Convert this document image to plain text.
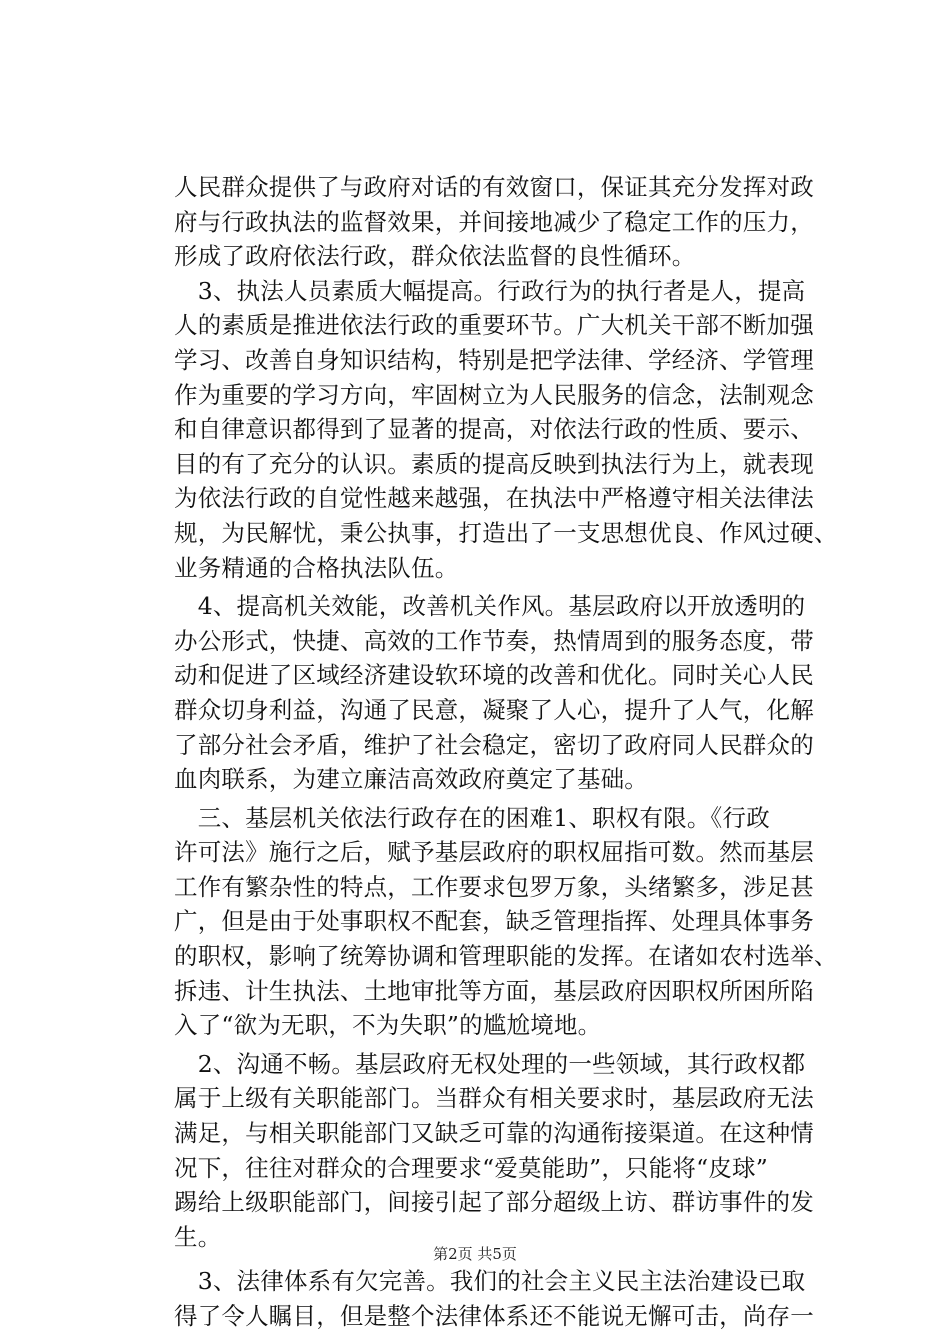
人民群众提供了与政府对话的有效窗口，保证其充分发挥对政
府与行政执法的监督效果，并间接地减少了稳定工作的压力，
形成了政府依法行政，群众依法监督的良性循环。
　3、执法人员素质大幅提高。行政行为的执行者是人，提高
人的素质是推进依法行政的重要环节。广大机关干部不断加强
学习、改善自身知识结构，特别是把学法律、学经济、学管理
作为重要的学习方向，牢固树立为人民服务的信念，法制观念
和自律意识都得到了显著的提高，对依法行政的性质、要示、
目的有了充分的认识。素质的提高反映到执法行为上，就表现
为依法行政的自觉性越来越强，在执法中严格遵守相关法律法
规，为民解忧，秉公执事，打造出了一支思想优良、作风过硬、
业务精通的合格执法队伍。
　4、提高机关效能，改善机关作风。基层政府以开放透明的
办公形式，快捷、高效的工作节奏，热情周到的服务态度，带
动和促进了区域经济建设软环境的改善和优化。同时关心人民
群众切身利益，沟通了民意，凝聚了人心，提升了人气，化解
了部分社会矛盾，维护了社会稳定，密切了政府同人民群众的
血肉联系，为建立廉洁高效政府奠定了基础。
　三、基层机关依法行政存在的困难1、职权有限。《行政
许可法》施行之后，赋予基层政府的职权屈指可数。然而基层
工作有繁杂性的特点，工作要求包罗万象，头绪繁多，涉足甚
广，但是由于处事职权不配套，缺乏管理指挥、处理具体事务
的职权，影响了统筹协调和管理职能的发挥。在诸如农村选举、
拆违、计生执法、土地审批等方面，基层政府因职权所困所陷
入了“欲为无职，不为失职”的尴尬境地。
　2、沟通不畅。基层政府无权处理的一些领域，其行政权都
属于上级有关职能部门。当群众有相关要求时，基层政府无法
满足，与相关职能部门又缺乏可靠的沟通衔接渠道。在这种情
况下，往往对群众的合理要求“爱莫能助”，只能将“皮球”
踢给上级职能部门，间接引起了部分超级上访、群访事件的发
生。
　3、法律体系有欠完善。我们的社会主义民主法治建设已取
得了令人瞩目，但是整个法律体系还不能说无懈可击，尚存一
第2页 共5页
